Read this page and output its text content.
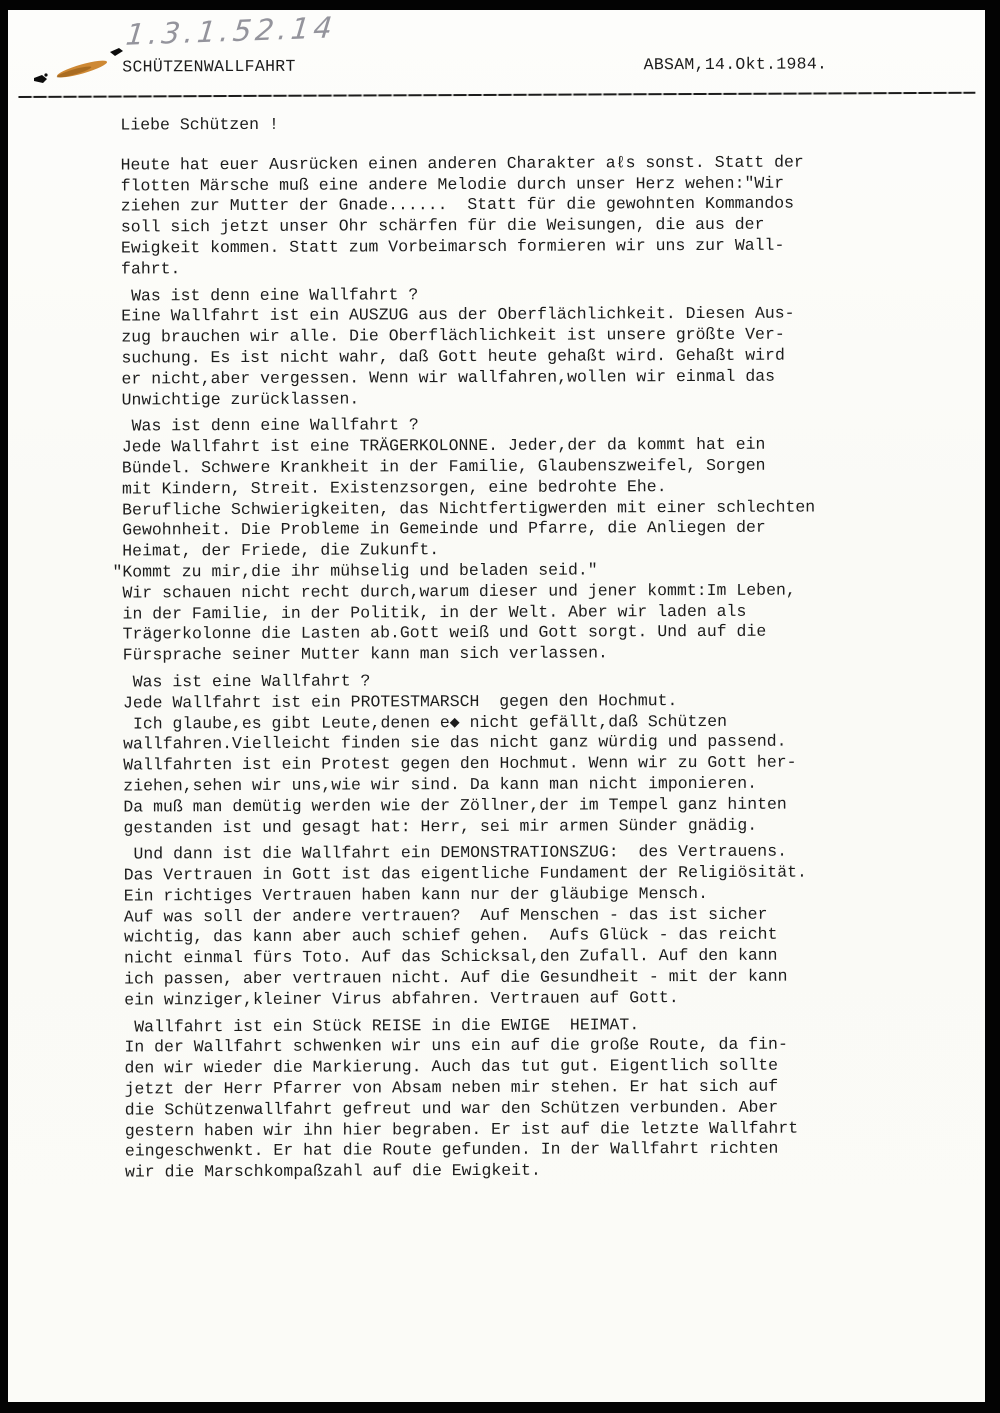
1.3.1.52.14
SCHÜTZENWALLFAHRT	ABSAM,14.Okt.1984.
Liebe Schützen !
Heute hat euer Ausrücken einen anderen Charakter aℓs sonst. Statt der
flotten Märsche muß eine andere Melodie durch unser Herz wehen:"Wir
ziehen zur Mutter der Gnade......  Statt für die gewohnten Kommandos
soll sich jetzt unser Ohr schärfen für die Weisungen, die aus der
Ewigkeit kommen. Statt zum Vorbeimarsch formieren wir uns zur Wall-
fahrt.
Was ist denn eine Wallfahrt ?
Eine Wallfahrt ist ein AUSZUG aus der Oberflächlichkeit. Diesen Aus-
zug brauchen wir alle. Die Oberflächlichkeit ist unsere größte Ver-
suchung. Es ist nicht wahr, daß Gott heute gehaßt wird. Gehaßt wird
er nicht,aber vergessen. Wenn wir wallfahren,wollen wir einmal das
Unwichtige zurücklassen.
Was ist denn eine Wallfahrt ?
Jede Wallfahrt ist eine TRÄGERKOLONNE. Jeder,der da kommt hat ein
Bündel. Schwere Krankheit in der Familie, Glaubenszweifel, Sorgen
mit Kindern, Streit. Existenzsorgen, eine bedrohte Ehe.
Berufliche Schwierigkeiten, das Nichtfertigwerden mit einer schlechten
Gewohnheit. Die Probleme in Gemeinde und Pfarre, die Anliegen der
Heimat, der Friede, die Zukunft.
"Kommt zu mir,die ihr mühselig und beladen seid."
Wir schauen nicht recht durch,warum dieser und jener kommt:Im Leben,
in der Familie, in der Politik, in der Welt. Aber wir laden als
Trägerkolonne die Lasten ab.Gott weiß und Gott sorgt. Und auf die
Fürsprache seiner Mutter kann man sich verlassen.
Was ist eine Wallfahrt ?
Jede Wallfahrt ist ein PROTESTMARSCH  gegen den Hochmut.
Ich glaube,es gibt Leute,denen e◆ nicht gefällt,daß Schützen
wallfahren.Vielleicht finden sie das nicht ganz würdig und passend.
Wallfahrten ist ein Protest gegen den Hochmut. Wenn wir zu Gott her-
ziehen,sehen wir uns,wie wir sind. Da kann man nicht imponieren.
Da muß man demütig werden wie der Zöllner,der im Tempel ganz hinten
gestanden ist und gesagt hat: Herr, sei mir armen Sünder gnädig.
Und dann ist die Wallfahrt ein DEMONSTRATIONSZUG:  des Vertrauens.
Das Vertrauen in Gott ist das eigentliche Fundament der Religiösität.
Ein richtiges Vertrauen haben kann nur der gläubige Mensch.
Auf was soll der andere vertrauen?  Auf Menschen - das ist sicher
wichtig, das kann aber auch schief gehen.  Aufs Glück - das reicht
nicht einmal fürs Toto. Auf das Schicksal,den Zufall. Auf den kann
ich passen, aber vertrauen nicht. Auf die Gesundheit - mit der kann
ein winziger,kleiner Virus abfahren. Vertrauen auf Gott.
Wallfahrt ist ein Stück REISE in die EWIGE  HEIMAT.
In der Wallfahrt schwenken wir uns ein auf die große Route, da fin-
den wir wieder die Markierung. Auch das tut gut. Eigentlich sollte
jetzt der Herr Pfarrer von Absam neben mir stehen. Er hat sich auf
die Schützenwallfahrt gefreut und war den Schützen verbunden. Aber
gestern haben wir ihn hier begraben. Er ist auf die letzte Wallfahrt
eingeschwenkt. Er hat die Route gefunden. In der Wallfahrt richten
wir die Marschkompaßzahl auf die Ewigkeit.
